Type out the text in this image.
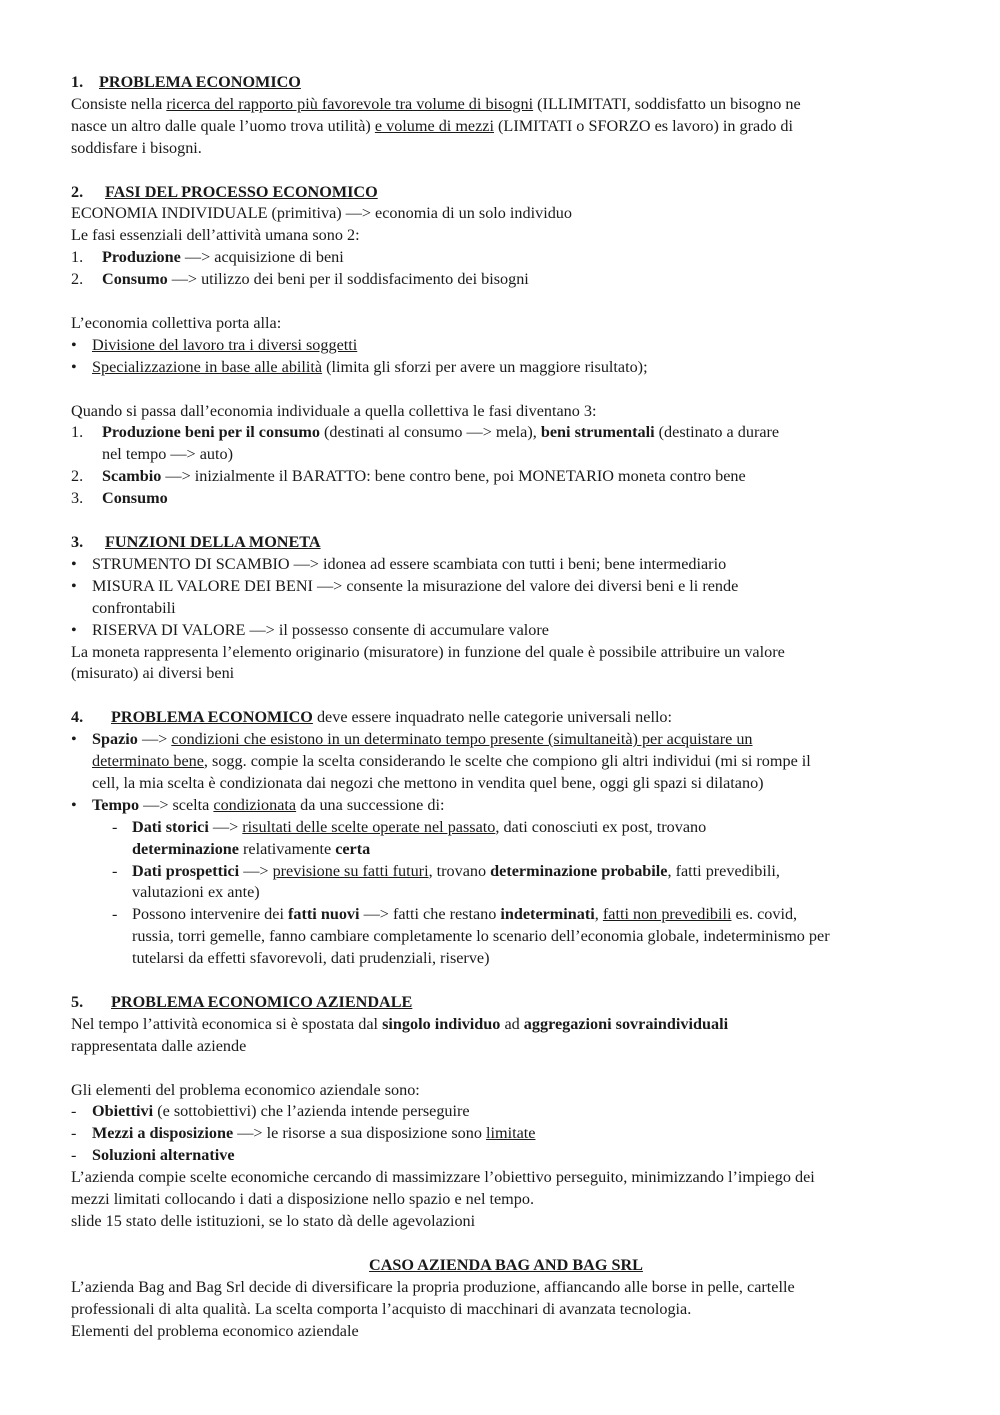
1. PROBLEMA ECONOMICO
Consiste nella ricerca del rapporto più favorevole tra volume di bisogni (ILLIMITATI, soddisfatto un bisogno ne
nasce un altro dalle quale l’uomo trova utilità) e volume di mezzi (LIMITATI o SFORZO es lavoro) in grado di
soddisfare i bisogni.
2. FASI DEL PROCESSO ECONOMICO
ECONOMIA INDIVIDUALE (primitiva) —> economia di un solo individuo
Le fasi essenziali dell’attività umana sono 2:
1. Produzione —> acquisizione di beni
2. Consumo —> utilizzo dei beni per il soddisfacimento dei bisogni
L’economia collettiva porta alla:
• Divisione del lavoro tra i diversi soggetti
• Specializzazione in base alle abilità (limita gli sforzi per avere un maggiore risultato);
Quando si passa dall’economia individuale a quella collettiva le fasi diventano 3:
1. Produzione beni per il consumo (destinati al consumo —> mela), beni strumentali (destinato a durare
nel tempo —> auto)
2. Scambio —> inizialmente il BARATTO: bene contro bene, poi MONETARIO moneta contro bene
3. Consumo
3. FUNZIONI DELLA MONETA
• STRUMENTO DI SCAMBIO —> idonea ad essere scambiata con tutti i beni; bene intermediario
• MISURA IL VALORE DEI BENI —> consente la misurazione del valore dei diversi beni e li rende
confrontabili
• RISERVA DI VALORE —> il possesso consente di accumulare valore
La moneta rappresenta l’elemento originario (misuratore) in funzione del quale è possibile attribuire un valore
(misurato) ai diversi beni
4. PROBLEMA ECONOMICO deve essere inquadrato nelle categorie universali nello:
• Spazio —> condizioni che esistono in un determinato tempo presente (simultaneità) per acquistare un
determinato bene, sogg. compie la scelta considerando le scelte che compiono gli altri individui (mi si rompe il
cell, la mia scelta è condizionata dai negozi che mettono in vendita quel bene, oggi gli spazi si dilatano)
• Tempo —> scelta condizionata da una successione di:
- Dati storici —> risultati delle scelte operate nel passato, dati conosciuti ex post, trovano
determinazione relativamente certa
- Dati prospettici —> previsione su fatti futuri, trovano determinazione probabile, fatti prevedibili,
valutazioni ex ante)
- Possono intervenire dei fatti nuovi —> fatti che restano indeterminati, fatti non prevedibili es. covid,
russia, torri gemelle, fanno cambiare completamente lo scenario dell’economia globale, indeterminismo per
tutelarsi da effetti sfavorevoli, dati prudenziali, riserve)
5. PROBLEMA ECONOMICO AZIENDALE
Nel tempo l’attività economica si è spostata dal singolo individuo ad aggregazioni sovraindividuali
rappresentata dalle aziende
Gli elementi del problema economico aziendale sono:
- Obiettivi (e sottobiettivi) che l’azienda intende perseguire
- Mezzi a disposizione —> le risorse a sua disposizione sono limitate
- Soluzioni alternative
L’azienda compie scelte economiche cercando di massimizzare l’obiettivo perseguito, minimizzando l’impiego dei
mezzi limitati collocando i dati a disposizione nello spazio e nel tempo.
slide 15 stato delle istituzioni, se lo stato dà delle agevolazioni
CASO AZIENDA BAG AND BAG SRL
L’azienda Bag and Bag Srl decide di diversificare la propria produzione, affiancando alle borse in pelle, cartelle
professionali di alta qualità. La scelta comporta l’acquisto di macchinari di avanzata tecnologia.
Elementi del problema economico aziendale
